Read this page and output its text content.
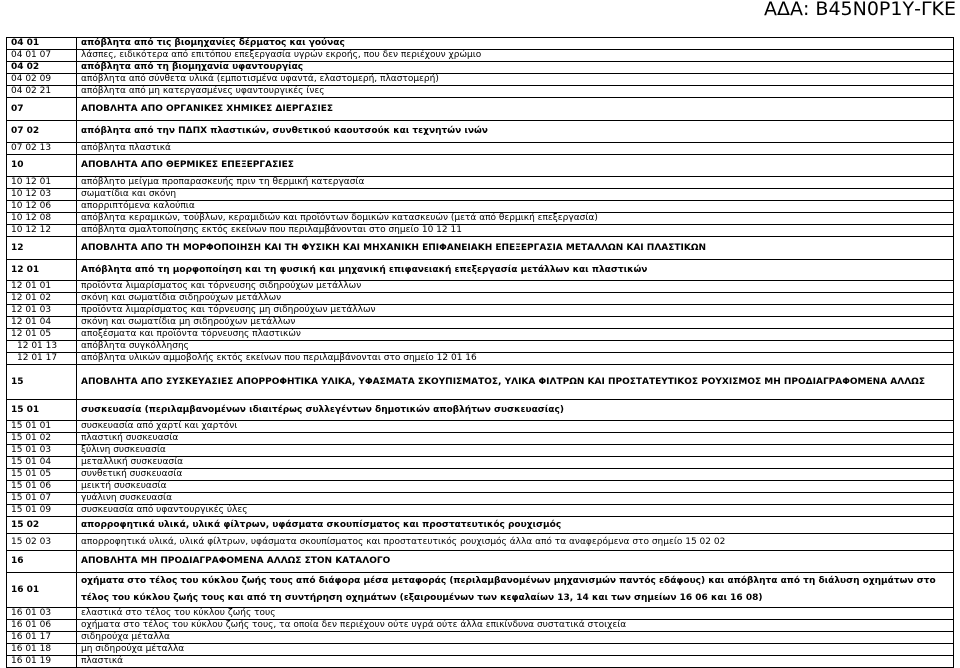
ΑΔΑ: Β45Ν0Ρ1Υ-ΓΚΕ
04 01	απόβλητα από τις βιομηχανίες δέρματος και γούνας
04 01 07	λάσπες, ειδικότερα από επιτόπου επεξεργασία υγρών εκροής, που δεν περιέχουν χρώμιο
04 02	απόβλητα από τη βιομηχανία υφαντουργίας
04 02 09	απόβλητα από σύνθετα υλικά (εμποτισμένα υφαντά, ελαστομερή, πλαστομερή)
04 02 21	απόβλητα από μη κατεργασμένες υφαντουργικές ίνες
07	ΑΠΟΒΛΗΤΑ ΑΠΟ ΟΡΓΑΝΙΚΕΣ ΧΗΜΙΚΕΣ ΔΙΕΡΓΑΣΙΕΣ
07 02	απόβλητα από την ΠΔΠΧ πλαστικών, συνθετικού καουτσούκ και τεχνητών ινών
07 02 13	απόβλητα πλαστικά
10	ΑΠΟΒΛΗΤΑ ΑΠΟ ΘΕΡΜΙΚΕΣ ΕΠΕΞΕΡΓΑΣΙΕΣ
10 12 01	απόβλητο μείγμα προπαρασκευής πριν τη θερμική κατεργασία
10 12 03	σωματίδια και σκόνη
10 12 06	απορριπτόμενα καλούπια
10 12 08	απόβλητα κεραμικών, τούβλων, κεραμιδιών και προϊόντων δομικών κατασκευών (μετά από θερμική επεξεργασία)
10 12 12	απόβλητα σμαλτοποίησης εκτός εκείνων που περιλαμβάνονται στο σημείο 10 12 11
12	ΑΠΟΒΛΗΤΑ ΑΠΟ ΤΗ ΜΟΡΦΟΠΟΙΗΣΗ ΚΑΙ ΤΗ ΦΥΣΙΚΗ ΚΑΙ ΜΗΧΑΝΙΚΗ ΕΠΙΦΑΝΕΙΑΚΗ ΕΠΕΞΕΡΓΑΣΙΑ ΜΕΤΑΛΛΩΝ ΚΑΙ ΠΛΑΣΤΙΚΩΝ
12 01	Απόβλητα από τη μορφοποίηση και τη φυσική και μηχανική επιφανειακή επεξεργασία μετάλλων και πλαστικών
12 01 01	προϊόντα λιμαρίσματος και τόρνευσης σιδηρούχων μετάλλων
12 01 02	σκόνη και σωματίδια σιδηρούχων μετάλλων
12 01 03	προϊόντα λιμαρίσματος και τόρνευσης μη σιδηρούχων μετάλλων
12 01 04	σκόνη και σωματίδια μη σιδηρούχων μετάλλων
12 01 05	αποξέσματα και προϊόντα τόρνευσης πλαστικών
12 01 13	απόβλητα συγκόλλησης
12 01 17	απόβλητα υλικών αμμοβολής εκτός εκείνων που περιλαμβάνονται στο σημείο 12 01 16
15	ΑΠΟΒΛΗΤΑ ΑΠΟ ΣΥΣΚΕΥΑΣΙΕΣ ΑΠΟΡΡΟΦΗΤΙΚΑ ΥΛΙΚΑ, ΥΦΑΣΜΑΤΑ ΣΚΟΥΠΙΣΜΑΤΟΣ, ΥΛΙΚΑ ΦΙΛΤΡΩΝ ΚΑΙ ΠΡΟΣΤΑΤΕΥΤΙΚΟΣ ΡΟΥΧΙΣΜΟΣ ΜΗ ΠΡΟΔΙΑΓΡΑΦΟΜΕΝΑ ΑΛΛΩΣ
15 01	συσκευασία (περιλαμβανομένων ιδιαιτέρως συλλεγέντων δημοτικών αποβλήτων συσκευασίας)
15 01 01	συσκευασία από χαρτί και χαρτόνι
15 01 02	πλαστική συσκευασία
15 01 03	ξύλινη συσκευασία
15 01 04	μεταλλική συσκευασία
15 01 05	συνθετική συσκευασία
15 01 06	μεικτή συσκευασία
15 01 07	γυάλινη συσκευασία
15 01 09	συσκευασία από υφαντουργικές ύλες
15 02	απορροφητικά υλικά, υλικά φίλτρων, υφάσματα σκουπίσματος και προστατευτικός ρουχισμός
15 02 03	απορροφητικά υλικά, υλικά φίλτρων, υφάσματα σκουπίσματος και προστατευτικός ρουχισμός άλλα από τα αναφερόμενα στο σημείο 15 02 02
16	ΑΠΟΒΛΗΤΑ ΜΗ ΠΡΟΔΙΑΓΡΑΦΟΜΕΝΑ ΑΛΛΩΣ ΣΤΟΝ ΚΑΤΑΛΟΓΟ
16 01	οχήματα στο τέλος του κύκλου ζωής τους από διάφορα μέσα μεταφοράς (περιλαμβανομένων μηχανισμών παντός εδάφους) και απόβλητα από τη διάλυση οχημάτων στο τέλος του κύκλου ζωής τους και από τη συντήρηση οχημάτων (εξαιρουμένων των κεφαλαίων 13, 14 και των σημείων 16 06 και 16 08)
16 01 03	ελαστικά στο τέλος του κύκλου ζωής τους
16 01 06	οχήματα στο τέλος του κύκλου ζωής τους, τα οποία δεν περιέχουν ούτε υγρά ούτε άλλα επικίνδυνα συστατικά στοιχεία
16 01 17	σιδηρούχα μέταλλα
16 01 18	μη σιδηρούχα μέταλλα
16 01 19	πλαστικά
